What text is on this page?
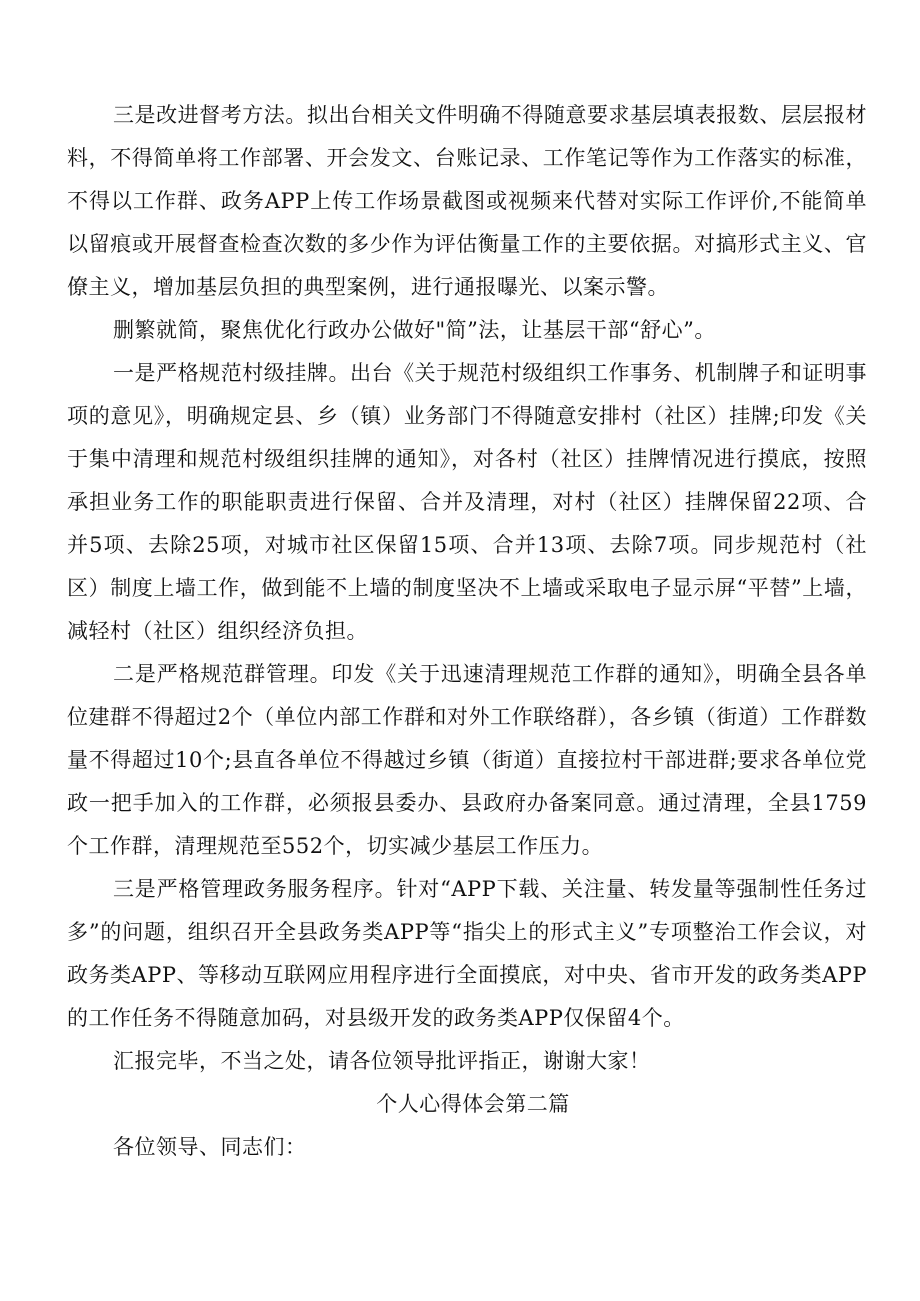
三是改进督考方法。拟出台相关文件明确不得随意要求基层填表报数、层层报材料，不得简单将工作部署、开会发文、台账记录、工作笔记等作为工作落实的标准，不得以工作群、政务APP上传工作场景截图或视频来代替对实际工作评价,不能简单以留痕或开展督查检查次数的多少作为评估衡量工作的主要依据。对搞形式主义、官僚主义，增加基层负担的典型案例，进行通报曝光、以案示警。

删繁就简，聚焦优化行政办公做好"简”法，让基层干部“舒心”。

一是严格规范村级挂牌。出台《关于规范村级组织工作事务、机制牌子和证明事项的意见》，明确规定县、乡（镇）业务部门不得随意安排村（社区）挂牌;印发《关于集中清理和规范村级组织挂牌的通知》，对各村（社区）挂牌情况进行摸底，按照承担业务工作的职能职责进行保留、合并及清理，对村（社区）挂牌保留22项、合并5项、去除25项，对城市社区保留15项、合并13项、去除7项。同步规范村（社区）制度上墙工作，做到能不上墙的制度坚决不上墙或采取电子显示屏“平替”上墙，减轻村（社区）组织经济负担。

二是严格规范群管理。印发《关于迅速清理规范工作群的通知》，明确全县各单位建群不得超过2个（单位内部工作群和对外工作联络群），各乡镇（街道）工作群数量不得超过10个;县直各单位不得越过乡镇（街道）直接拉村干部进群;要求各单位党政一把手加入的工作群，必须报县委办、县政府办备案同意。通过清理，全县1759个工作群，清理规范至552个，切实减少基层工作压力。

三是严格管理政务服务程序。针对“APP下载、关注量、转发量等强制性任务过多”的问题，组织召开全县政务类APP等“指尖上的形式主义”专项整治工作会议，对政务类APP、等移动互联网应用程序进行全面摸底，对中央、省市开发的政务类APP的工作任务不得随意加码，对县级开发的政务类APP仅保留4个。

汇报完毕，不当之处，请各位领导批评指正，谢谢大家！

个人心得体会第二篇

各位领导、同志们：
